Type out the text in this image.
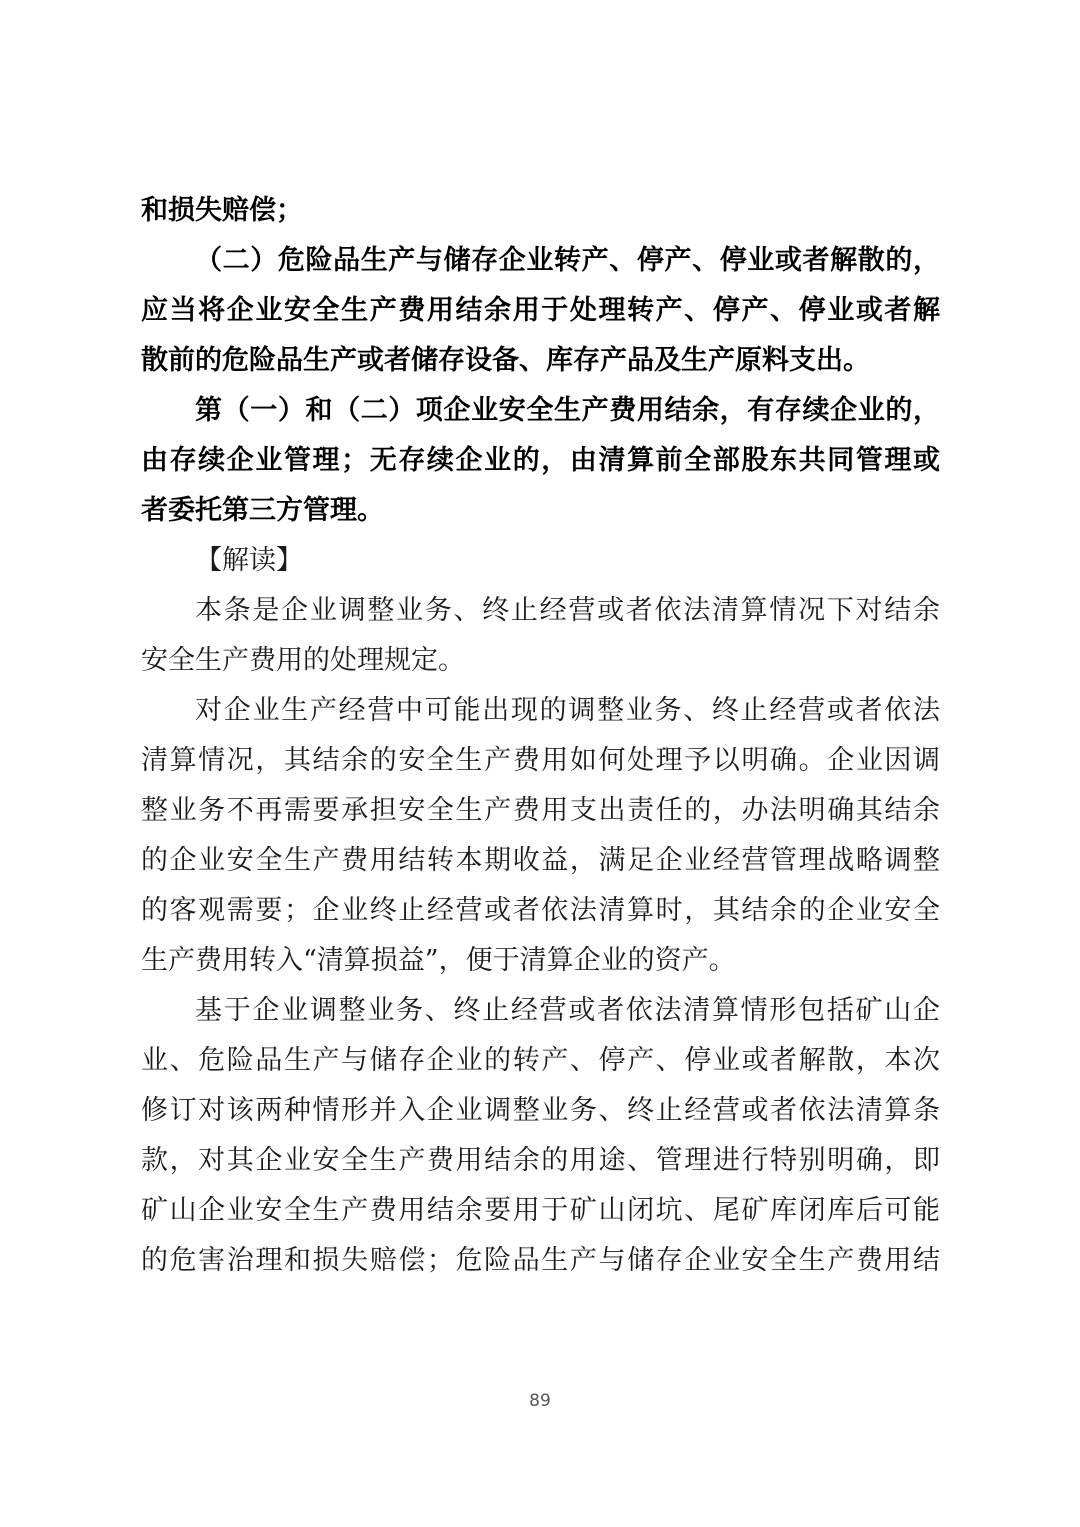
和损失赔偿；
（二）危险品生产与储存企业转产、停产、停业或者解散的，
应当将企业安全生产费用结余用于处理转产、停产、停业或者解
散前的危险品生产或者储存设备、库存产品及生产原料支出。
第（一）和（二）项企业安全生产费用结余，有存续企业的，
由存续企业管理；无存续企业的，由清算前全部股东共同管理或
者委托第三方管理。
【解读】
本条是企业调整业务、终止经营或者依法清算情况下对结余
安全生产费用的处理规定。
对企业生产经营中可能出现的调整业务、终止经营或者依法
清算情况，其结余的安全生产费用如何处理予以明确。企业因调
整业务不再需要承担安全生产费用支出责任的，办法明确其结余
的企业安全生产费用结转本期收益，满足企业经营管理战略调整
的客观需要；企业终止经营或者依法清算时，其结余的企业安全
生产费用转入“清算损益”，便于清算企业的资产。
基于企业调整业务、终止经营或者依法清算情形包括矿山企
业、危险品生产与储存企业的转产、停产、停业或者解散，本次
修订对该两种情形并入企业调整业务、终止经营或者依法清算条
款，对其企业安全生产费用结余的用途、管理进行特别明确，即
矿山企业安全生产费用结余要用于矿山闭坑、尾矿库闭库后可能
的危害治理和损失赔偿；危险品生产与储存企业安全生产费用结
89
